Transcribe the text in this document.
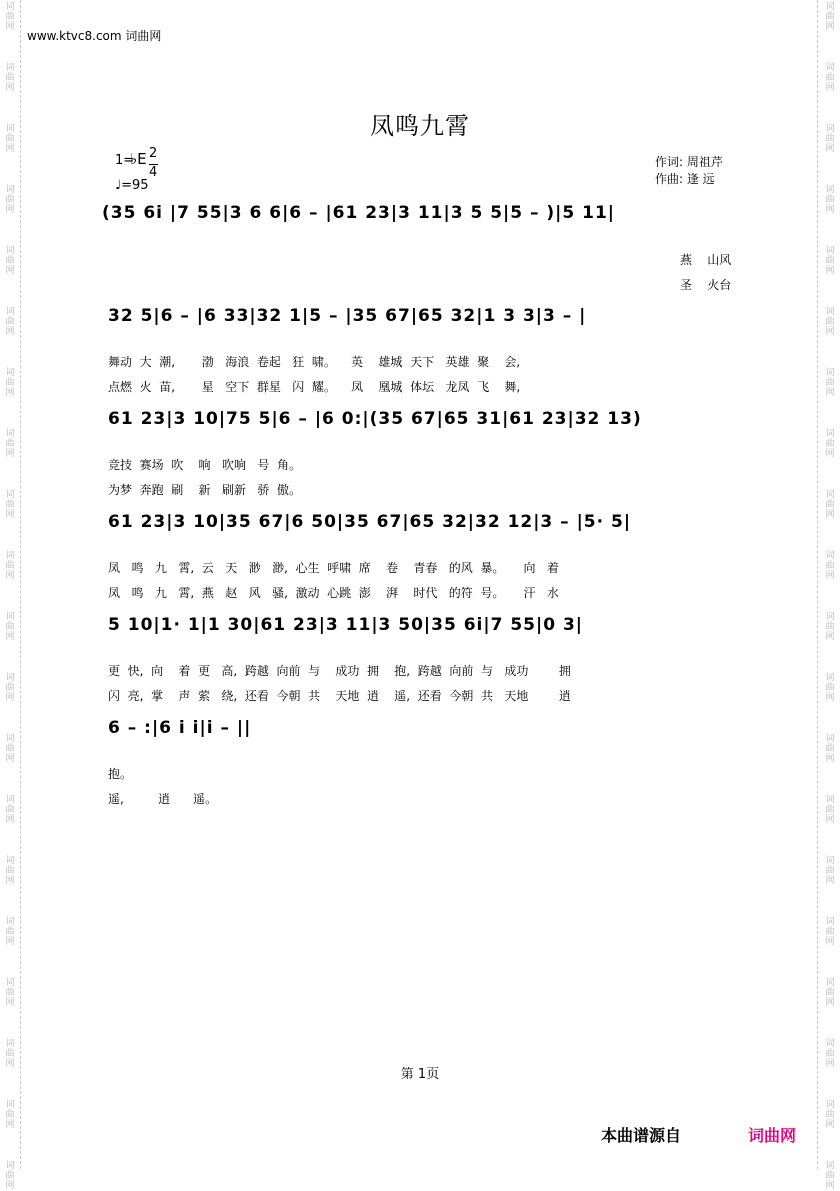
词
曲
网
词
曲
网
词
曲
网
词
曲
网
词
曲
网
词
曲
网
词
曲
网
词
曲
网
词
曲
网
词
曲
网
词
曲
网
词
曲
网
词
曲
网
词
曲
网
词
曲
网
词
曲
网
词
曲
网
词
曲
网
词
曲
网
词
曲
网
词
曲
网
词
曲
网
词
曲
网
词
曲
网
词
曲
网
词
曲
网
词
曲
网
词
曲
网
词
曲
网
词
曲
网
词
曲
网
词
曲
网
词
曲
网
词
曲
网
词
曲
网
词
曲
网
词
曲
网
词
曲
网
词
曲
网
词
曲
网
www.ktvc8.com 词曲网
凤鸣九霄
1=
♭E 2
4
♩=95
作词: 周祖芹
作曲: 逢 远
(35 6i |7 55|3 6 6|6 – |61 23|3 11|3 5 5|5 – )|5 11|
燕    山风
圣    火台
32 5|6 – |6 33|32 1|5 – |35 67|65 32|1 3 3|3 – |
舞动  大  潮,       渤   海浪  卷起   狂  啸。    英    雄城  天下   英雄  聚    会,
点燃  火  苗,       星   空下  群星   闪  耀。    凤    凰城  体坛   龙凤  飞    舞,
61 23|3 10|75 5|6 – |6 0:|(35 67|65 31|61 23|32 13)
竞技  赛场  吹    响   吹响   号  角。
为梦  奔跑  刷    新   刷新   骄  傲。
61 23|3 10|35 67|6 50|35 67|65 32|32 12|3 – |5· 5|
凤   鸣   九   霄,  云   天   渺   渺,  心生  呼啸  席    卷    青春   的风  暴。     向   着
凤   鸣   九   霄,  燕   赵   风   骚,  激动  心跳  澎    湃    时代   的符  号。     汗   水
5 10|1· 1|1 30|61 23|3 11|3 50|35 6i|7 55|0 3|
更  快,  向    着  更   高,  跨越  向前  与    成功  拥    抱,  跨越  向前  与   成功        拥
闪  亮,  掌    声  萦   绕,  还看  今朝  共    天地  逍    遥,  还看  今朝  共   天地        逍
6 – :|6 i i|i – ||
抱。
遥,         逍      遥。
第 1页
本曲谱源自	词曲网
